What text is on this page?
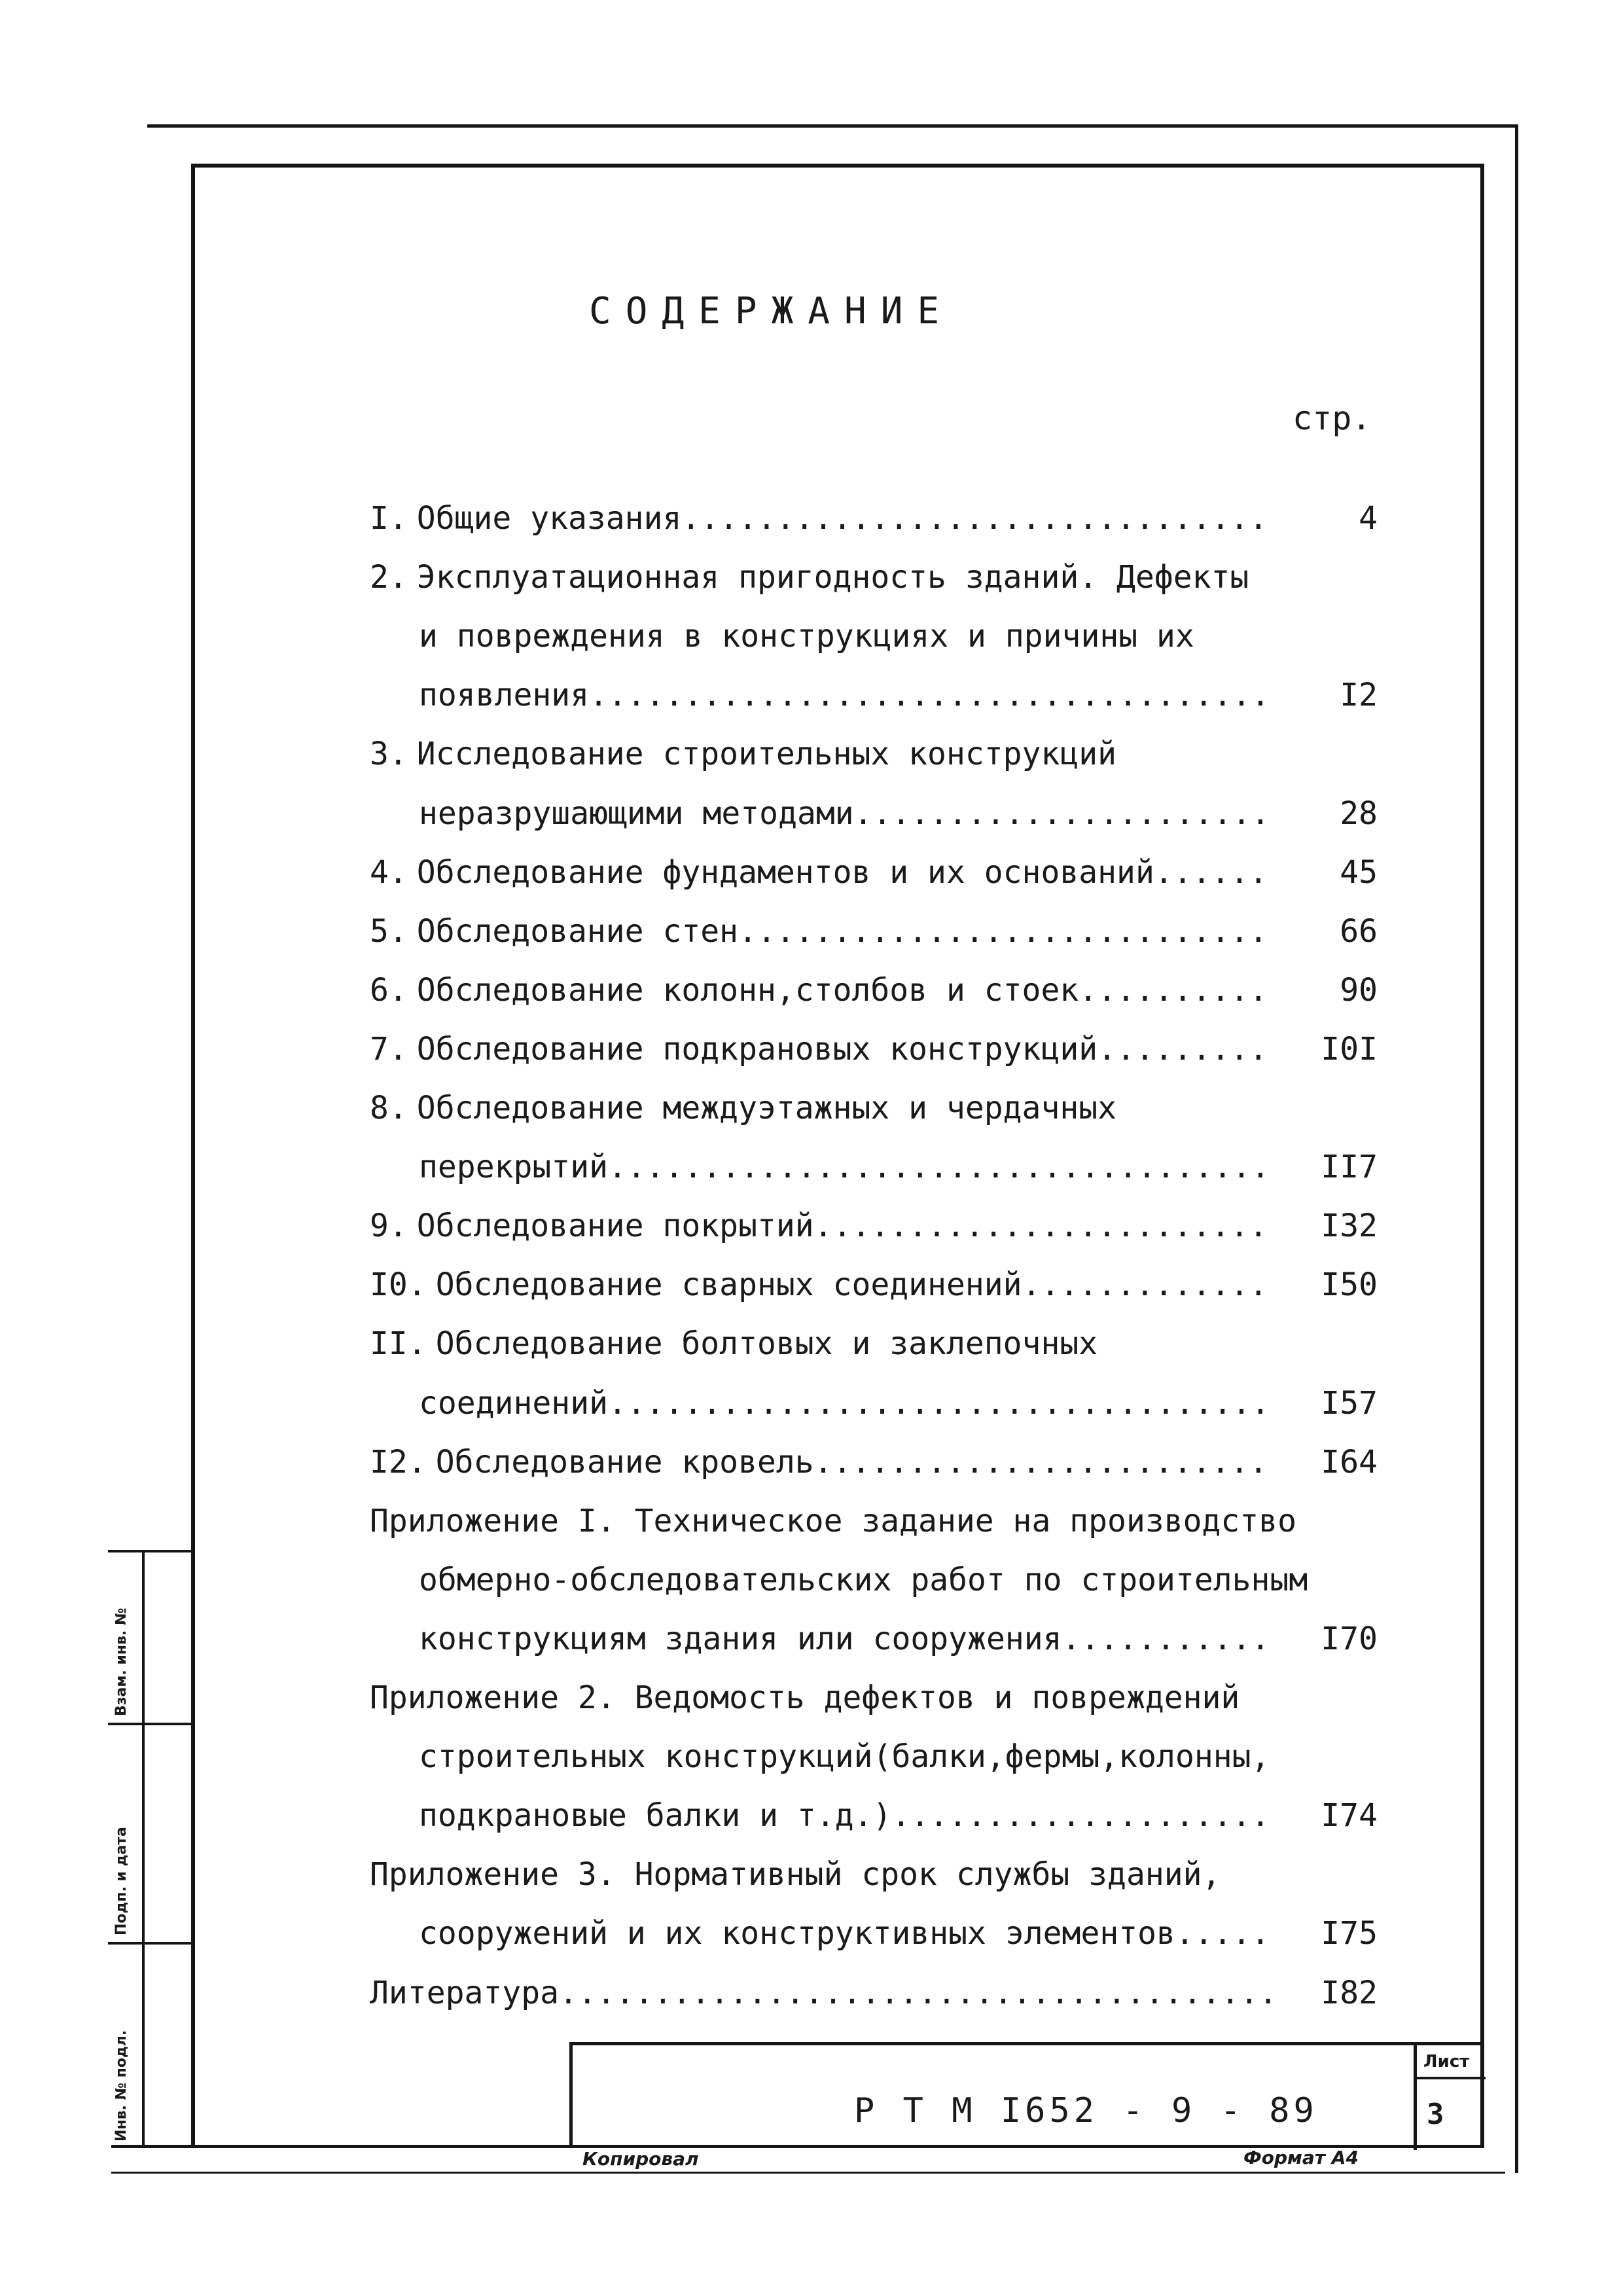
СОДЕРЖАНИЕ
стр.
I. Общие указания...............................	4
2. Эксплуатационная пригодность зданий. Дефекты
и повреждения в конструкциях и причины их
появления....................................	I2
3. Исследование строительных конструкций
неразрушающими методами......................	28
4. Обследование фундаментов и их оснований......	45
5. Обследование стен............................	66
6. Обследование колонн,столбов и стоек..........	90
7. Обследование подкрановых конструкций.........	I0I
8. Обследование междуэтажных и чердачных
перекрытий...................................	II7
9. Обследование покрытий........................	I32
I0. Обследование сварных соединений.............	I50
II. Обследование болтовых и заклепочных
соединений...................................	I57
I2. Обследование кровель........................	I64
Приложение I. Техническое задание на производство
обмерно-обследовательских работ по строительным
конструкциям здания или сооружения...........	I70
Приложение 2. Ведомость дефектов и повреждений
строительных конструкций(балки,фермы,колонны,
подкрановые балки и т.д.)....................	I74
Приложение 3. Нормативный срок службы зданий,
сооружений и их конструктивных элементов.....	I75
Литература......................................	I82
Р Т М I652 - 9 - 89
Лист
3
Копировал	Формат А4
Инв. № подл.
Подп. и дата
Взам. инв. №
